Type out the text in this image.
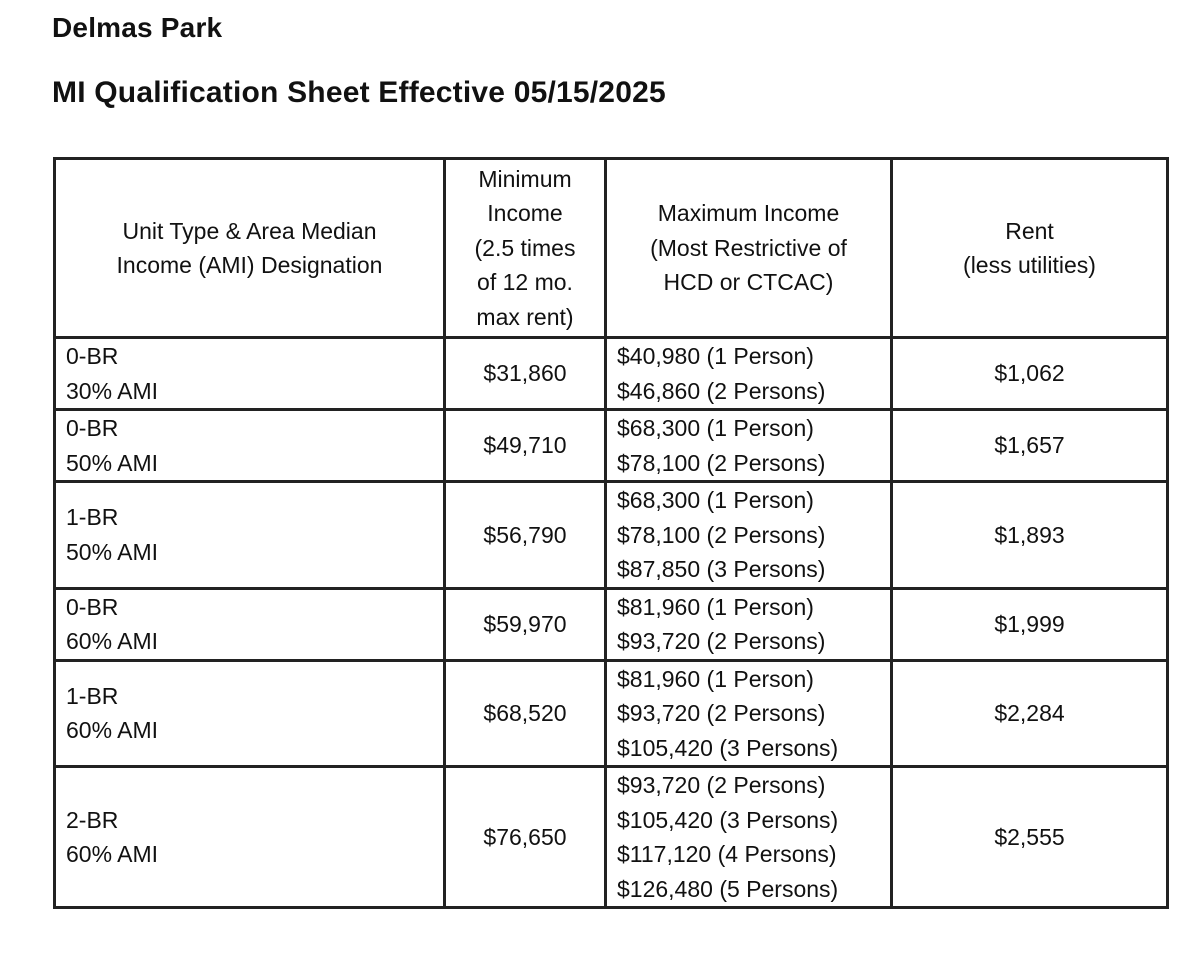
Delmas Park
MI Qualification Sheet Effective 05/15/2025
Unit Type & Area Median
Income (AMI) Designation	Minimum
Income
(2.5 times
of 12 mo.
max rent)	Maximum Income
(Most Restrictive of
HCD or CTCAC)	Rent
(less utilities)

0-BR
30% AMI	$31,860	$40,980 (1 Person)
$46,860 (2 Persons)	$1,062

0-BR
50% AMI	$49,710	$68,300 (1 Person)
$78,100 (2 Persons)	$1,657

1-BR
50% AMI	$56,790	$68,300 (1 Person)
$78,100 (2 Persons)
$87,850 (3 Persons)	$1,893

0-BR
60% AMI	$59,970	$81,960 (1 Person)
$93,720 (2 Persons)	$1,999

1-BR
60% AMI	$68,520	$81,960 (1 Person)
$93,720 (2 Persons)
$105,420 (3 Persons)	$2,284

2-BR
60% AMI	$76,650	$93,720 (2 Persons)
$105,420 (3 Persons)
$117,120 (4 Persons)
$126,480 (5 Persons)	$2,555
